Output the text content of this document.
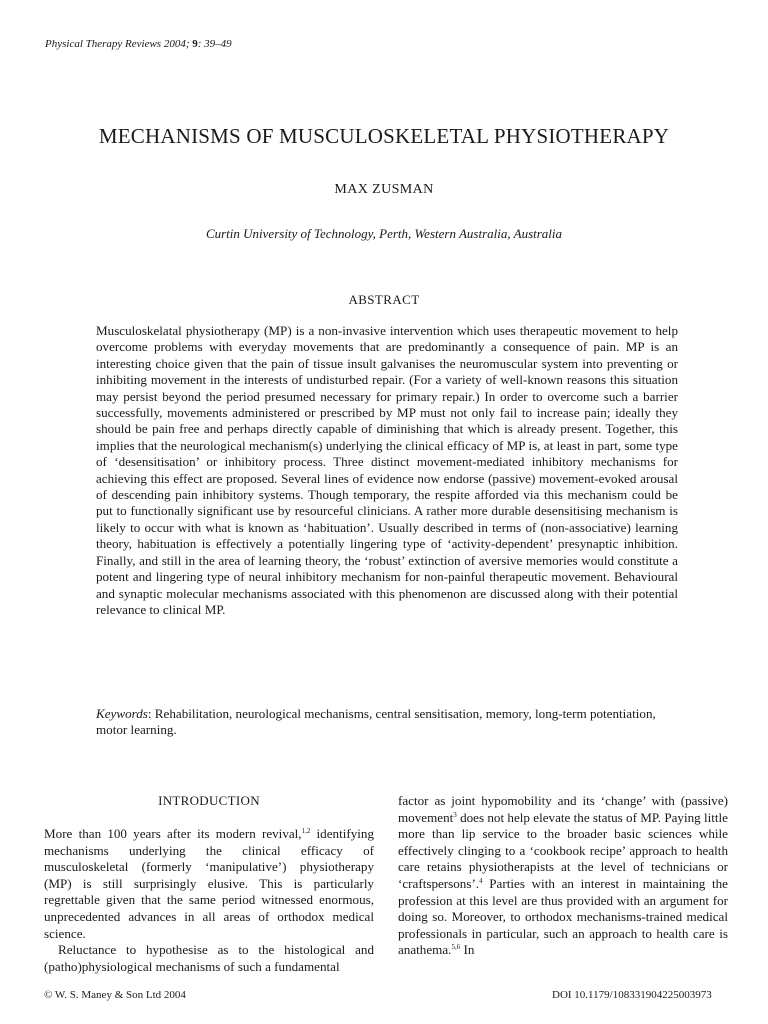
Physical Therapy Reviews 2004; 9: 39–49
MECHANISMS OF MUSCULOSKELETAL PHYSIOTHERAPY
MAX ZUSMAN
Curtin University of Technology, Perth, Western Australia, Australia
ABSTRACT
Musculoskelatal physiotherapy (MP) is a non-invasive intervention which uses therapeutic movement to help overcome problems with everyday movements that are predominantly a consequence of pain. MP is an interesting choice given that the pain of tissue insult galvanises the neuromuscular system into preventing or inhibiting movement in the interests of undisturbed repair. (For a variety of well-known reasons this situation may persist beyond the period presumed necessary for primary repair.) In order to overcome such a barrier successfully, movements administered or prescribed by MP must not only fail to increase pain; ideally they should be pain free and perhaps directly capable of diminishing that which is already present. Together, this implies that the neurological mechanism(s) underlying the clinical efficacy of MP is, at least in part, some type of ‘desensitisation’ or inhibitory process. Three distinct movement-mediated inhibitory mechanisms for achieving this effect are proposed. Several lines of evidence now endorse (passive) movement-evoked arousal of descending pain inhibitory systems. Though temporary, the respite afforded via this mechanism could be put to functionally significant use by resourceful clinicians. A rather more durable desensitising mechanism is likely to occur with what is known as ‘habituation’. Usually described in terms of (non-associative) learning theory, habituation is effectively a potentially lingering type of ‘activity-dependent’ presynaptic inhibition. Finally, and still in the area of learning theory, the ‘robust’ extinction of aversive memories would constitute a potent and lingering type of neural inhibitory mechanism for non-painful therapeutic movement. Behavioural and synaptic molecular mechanisms associated with this phenomenon are discussed along with their potential relevance to clinical MP.
Keywords: Rehabilitation, neurological mechanisms, central sensitisation, memory, long-term potentiation, motor learning.
INTRODUCTION

More than 100 years after its modern revival,$^{1,2}$ identifying mechanisms underlying the clinical efficacy of musculoskeletal (formerly ‘manipulative’) physiotherapy (MP) is still surprisingly elusive. This is particularly regrettable given that the same period witnessed enormous, unprecedented advances in all areas of orthodox medical science.

Reluctance to hypothesise as to the histological and (patho)physiological mechanisms of such a fundamental

factor as joint hypomobility and its ‘change’ with (passive) movement$^3$ does not help elevate the status of MP. Paying little more than lip service to the broader basic sciences while effectively clinging to a ‘cookbook recipe’ approach to health care retains physiotherapists at the level of technicians or ‘craftspersons’.$^4$ Parties with an interest in maintaining the profession at this level are thus provided with an argument for doing so. Moreover, to orthodox mechanisms-trained medical professionals in particular, such an approach to health care is anathema.$^{5,6}$ In

© W. S. Maney & Son Ltd 2004	DOI 10.1179/108331904225003973
